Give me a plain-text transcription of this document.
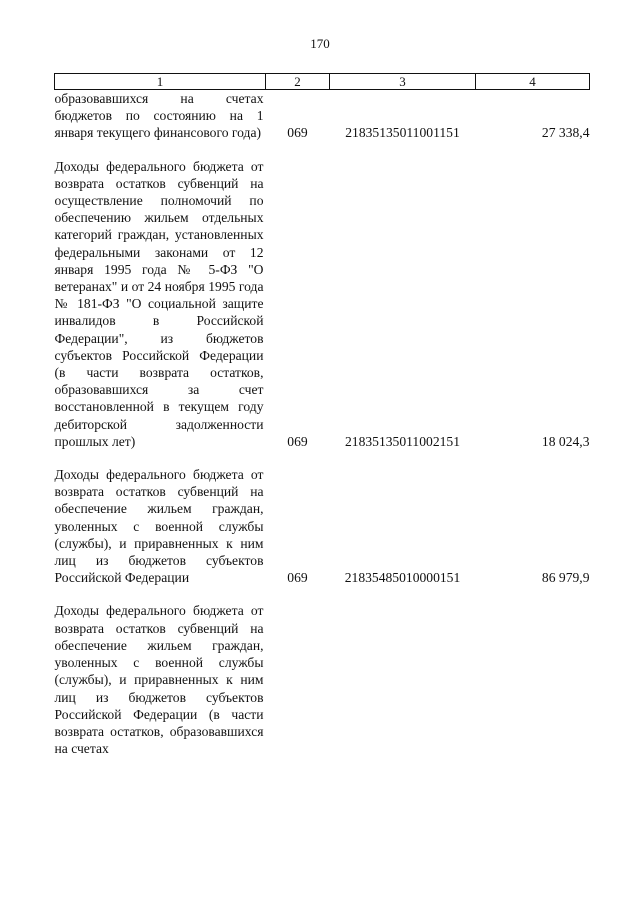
170
1	2	3	4
образовавшихся на счетах бюджетов по состоянию на 1 января текущего финансового года)	069	21835135011001151	27 338,4

Доходы федерального бюджета от возврата остатков субвенций на осуществление полномочий по обеспечению жильем отдельных категорий граждан, установленных федеральными законами от 12 января 1995 года № 5-ФЗ "О ветеранах" и от 24 ноября 1995 года № 181-ФЗ "О социальной защите инвалидов в Российской Федерации", из бюджетов субъектов Российской Федерации (в части возврата остатков, образовавшихся за счет восстановленной в текущем году дебиторской задолженности прошлых лет)	069	21835135011002151	18 024,3

Доходы федерального бюджета от возврата остатков субвенций на обеспечение жильем граждан, уволенных с военной службы (службы), и приравненных к ним лиц из бюджетов субъектов Российской Федерации	069	21835485010000151	86 979,9

Доходы федерального бюджета от возврата остатков субвенций на обеспечение жильем граждан, уволенных с военной службы (службы), и приравненных к ним лиц из бюджетов субъектов Российской Федерации (в части возврата остатков, образовавшихся на счетах			
